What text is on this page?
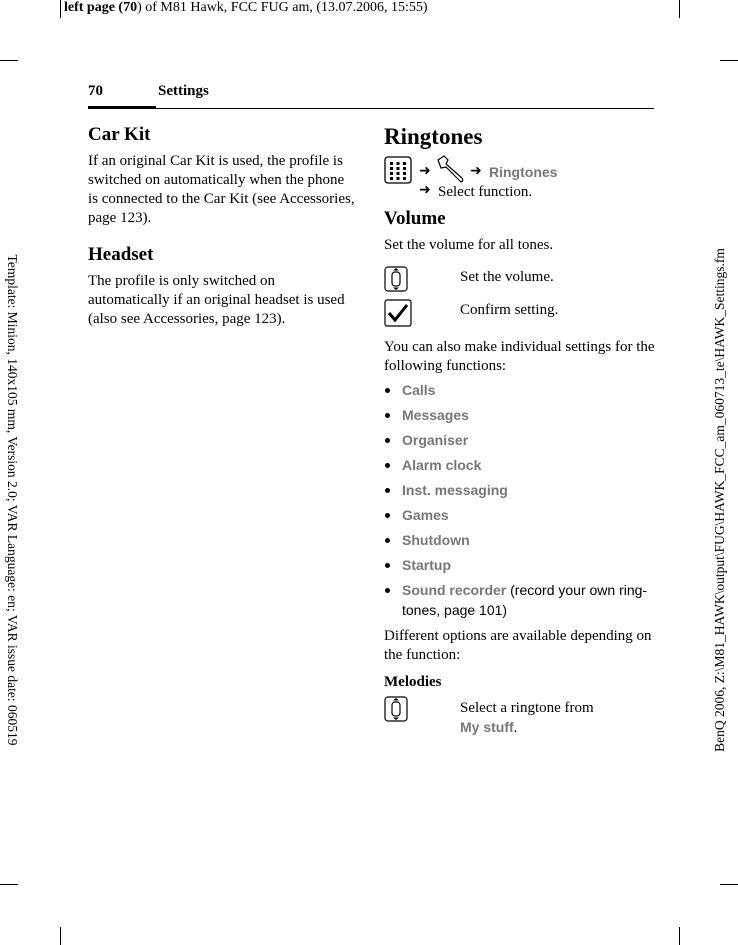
left page (70) of M81 Hawk, FCC FUG am, (13.07.2006, 15:55)
Template: Minion, 140x105 mm, Version 2.0; VAR Language: en; VAR issue date: 060519	BenQ 2006, Z:\M81_HAWK\output\FUG\HAWK_FCC_am_060713_te\HAWK_Settings.fm
70	Settings
Car Kit

If an original Car Kit is used, the profile is switched on automatically when the phone is connected to the Car Kit (see Accessories, page 123).

Headset

The profile is only switched on automatically if an original headset is used (also see Accessories, page 123).

Ringtones
➜	➜ Ringtones
➜ Select function.
Volume

Set the volume for all tones.

Set the volume.
Confirm setting.

You can also make individual settings for the following functions:

Calls
Messages
Organiser
Alarm clock
Inst. messaging
Games
Shutdown
Startup
Sound recorder (record your own ring-
tones, page 101)

Different options are available depending on the function:

Melodies
Select a ringtone from
My stuff.
